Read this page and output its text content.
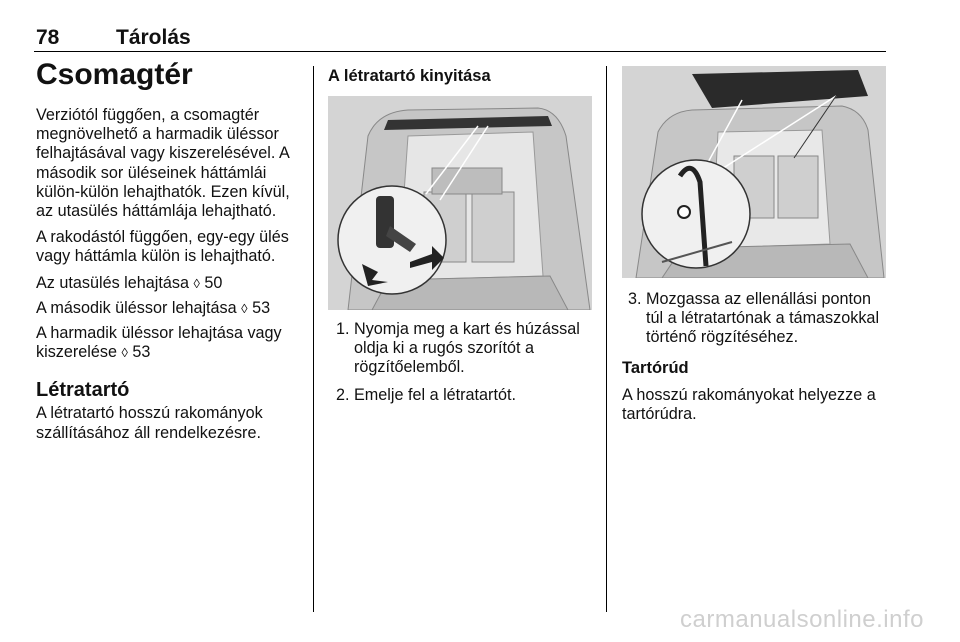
78	Tárolás
Csomagtér

Verziótól függően, a csomagtér megnövelhető a harmadik üléssor felhajtásával vagy kiszerelésével. A második sor üléseinek háttámlái külön-külön lehajthatók. Ezen kívül, az utasülés háttámlája lehajtható.

A rakodástól függően, egy-egy ülés vagy háttámla külön is lehajtható.

Az utasülés lehajtása ◊ 50

A második üléssor lehajtása ◊ 53

A harmadik üléssor lehajtása vagy kiszerelése ◊ 53

Létratartó

A létratartó hosszú rakományok szállításához áll rendelkezésre.

A létratartó kinyitása
1. Nyomja meg a kart és húzással oldja ki a rugós szorítót a rögzítőelemből.
2. Emelje fel a létratartót.
3. Mozgassa az ellenállási ponton túl a létratartónak a támaszokkal történő rögzítéséhez.
Tartórúd

A hosszú rakományokat helyezze a tartórúdra.

carmanualsonline.info
